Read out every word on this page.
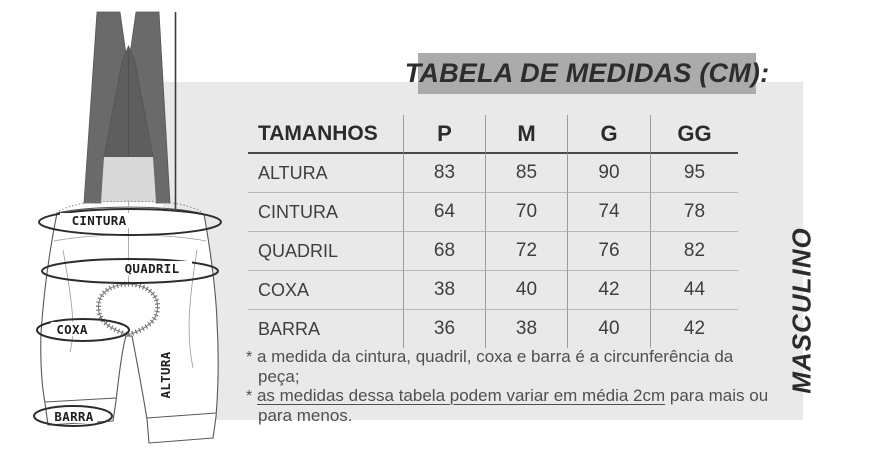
CINTURA
QUADRIL
COXA
BARRA
ALTURA
TABELA DE MEDIDAS (CM):
TAMANHOS	P	M	G	GG
ALTURA	83	85	90	95
CINTURA	64	70	74	78
QUADRIL	68	72	76	82
COXA	38	40	42	44
BARRA	36	38	40	42
* a medida da cintura, quadril, coxa e barra é a circunferência da peça;
* as medidas dessa tabela podem variar em média 2cm para mais ou para menos.
MASCULINO
